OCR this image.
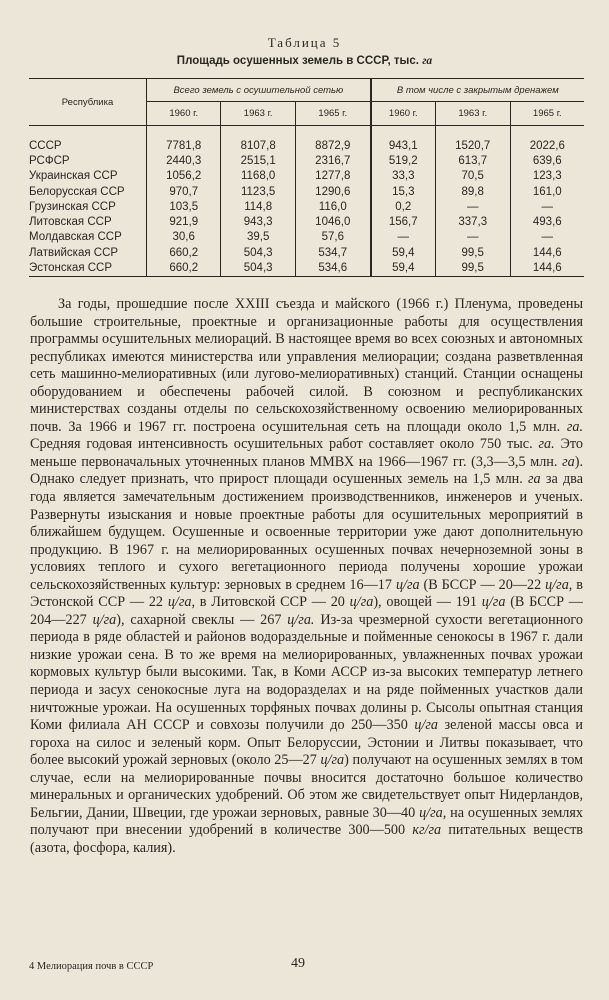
Таблица 5
Площадь осушенных земель в СССР, тыс. га
Республика	Всего земель с осушительной сетью			В том числе с закрытым дренажем		
	1960 г.	1963 г.	1965 г.	1960 г.	1963 г.	1965 г.
СССР	7781,8	8107,8	8872,9	943,1	1520,7	2022,6
РСФСР	2440,3	2515,1	2316,7	519,2	613,7	639,6
Украинская ССР	1056,2	1168,0	1277,8	33,3	70,5	123,3
Белорусская ССР	970,7	1123,5	1290,6	15,3	89,8	161,0
Грузинская ССР	103,5	114,8	116,0	0,2	—	—
Литовская ССР	921,9	943,3	1046,0	156,7	337,3	493,6
Молдавская ССР	30,6	39,5	57,6	—	—	—
Латвийская ССР	660,2	504,3	534,7	59,4	99,5	144,6
Эстонская ССР	660,2	504,3	534,6	59,4	99,5	144,6

За годы, прошедшие после XXIII съезда и майского (1966 г.) Пленума, проведены большие строительные, проектные и организационные работы для осуществления программы осушительных мелиораций. В настоящее время во всех союзных и автономных республиках имеются министерства или управления мелиорации; создана разветвленная сеть машинно-мелиоративных (или лугово-мелиоративных) станций. Станции оснащены оборудованием и обеспечены рабочей силой. В союзном и республиканских министерствах созданы отделы по сельскохозяйственному освоению мелиорированных почв. За 1966 и 1967 гг. построена осушительная сеть на площади около 1,5 млн. га. Средняя годовая интенсивность осушительных работ составляет около 750 тыс. га. Это меньше первоначальных уточненных планов ММВХ на 1966—1967 гг. (3,3—3,5 млн. га). Однако следует признать, что прирост площади осушенных земель на 1,5 млн. га за два года является замечательным достижением производственников, инженеров и ученых. Развернуты изыскания и новые проектные работы для осушительных мероприятий в ближайшем будущем. Осушенные и освоенные территории уже дают дополнительную продукцию. В 1967 г. на мелиорированных осушенных почвах нечерноземной зоны в условиях теплого и сухого вегетационного периода получены хорошие урожаи сельскохозяйственных культур: зерновых в среднем 16—17 ц/га (В БССР — 20—22 ц/га, в Эстонской ССР — 22 ц/га, в Литовской ССР — 20 ц/га), овощей — 191 ц/га (В БССР — 204—227 ц/га), сахарной свеклы — 267 ц/га. Из-за чрезмерной сухости вегетационного периода в ряде областей и районов водораздельные и пойменные сенокосы в 1967 г. дали низкие урожаи сена. В то же время на мелиорированных, увлажненных почвах урожаи кормовых культур были высокими. Так, в Коми АССР из-за высоких температур летнего периода и засух сенокосные луга на водоразделах и на ряде пойменных участков дали ничтожные урожаи. На осушенных торфяных почвах долины р. Сысолы опытная станция Коми филиала АН СССР и совхозы получили до 250—350 ц/га зеленой массы овса и гороха на силос и зеленый корм. Опыт Белоруссии, Эстонии и Литвы показывает, что более высокий урожай зерновых (около 25—27 ц/га) получают на осушенных землях в том случае, если на мелиорированные почвы вносится достаточно большое количество минеральных и органических удобрений. Об этом же свидетельствует опыт Нидерландов, Бельгии, Дании, Швеции, где урожаи зерновых, равные 30—40 ц/га, на осушенных землях получают при внесении удобрений в количестве 300—500 кг/га питательных веществ (азота, фосфора, калия).

49
4 Мелиорация почв в СССР
